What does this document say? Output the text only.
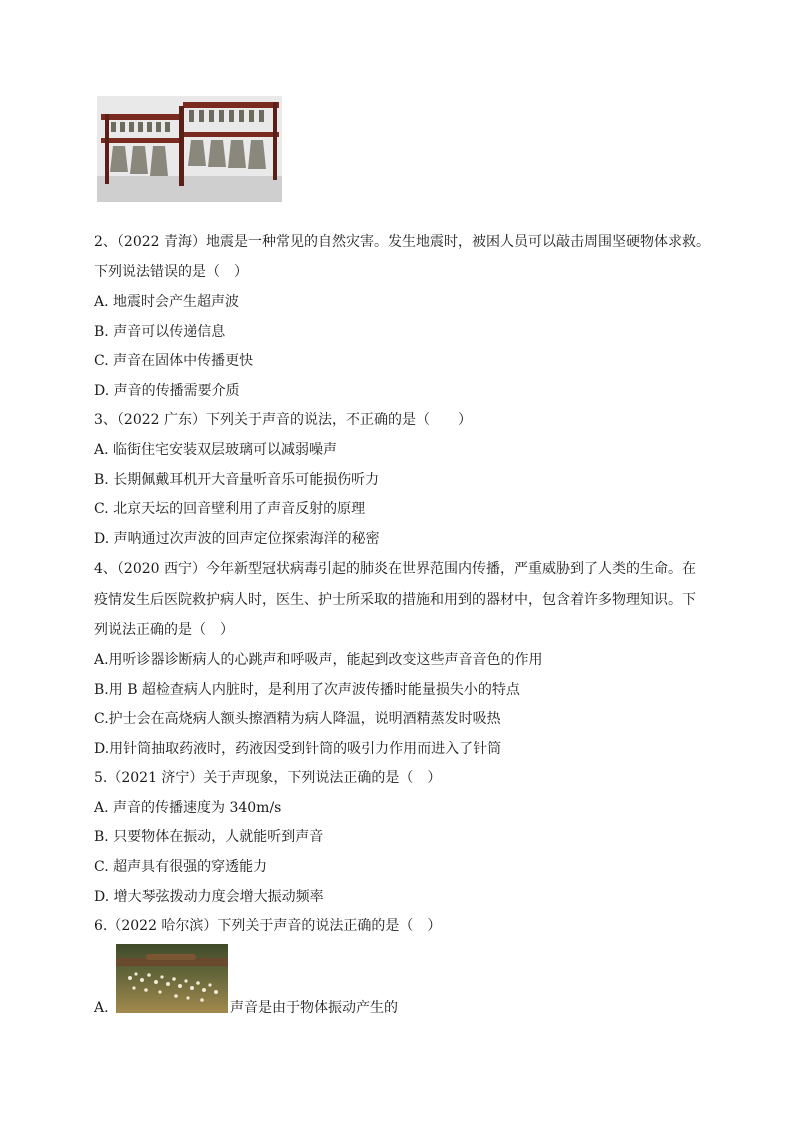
2、（2022 青海）地震是一种常见的自然灾害。发生地震时，被困人员可以敲击周围坚硬物体求救。
下列说法错误的是（　）
A. 地震时会产生超声波
B. 声音可以传递信息
C. 声音在固体中传播更快
D. 声音的传播需要介质
3、（2022 广东）下列关于声音的说法，不正确的是（　　）
A. 临街住宅安装双层玻璃可以减弱噪声
B. 长期佩戴耳机开大音量听音乐可能损伤听力
C. 北京天坛的回音壁利用了声音反射的原理
D. 声呐通过次声波的回声定位探索海洋的秘密
4、（2020 西宁）今年新型冠状病毒引起的肺炎在世界范围内传播，严重威胁到了人类的生命。在
疫情发生后医院救护病人时，医生、护士所采取的措施和用到的器材中，包含着许多物理知识。下
列说法正确的是（　）
A.用听诊器诊断病人的心跳声和呼吸声，能起到改变这些声音音色的作用
B.用 B 超检查病人内脏时，是利用了次声波传播时能量损失小的特点
C.护士会在高烧病人额头擦酒精为病人降温，说明酒精蒸发时吸热
D.用针筒抽取药液时，药液因受到针筒的吸引力作用而进入了针筒
5.（2021 济宁）关于声现象，下列说法正确的是（　）
A. 声音的传播速度为 340m/s
B. 只要物体在振动，人就能听到声音
C. 超声具有很强的穿透能力
D. 增大琴弦拨动力度会增大振动频率
6.（2022 哈尔滨）下列关于声音的说法正确的是（　）
A.	声音是由于物体振动产生的
